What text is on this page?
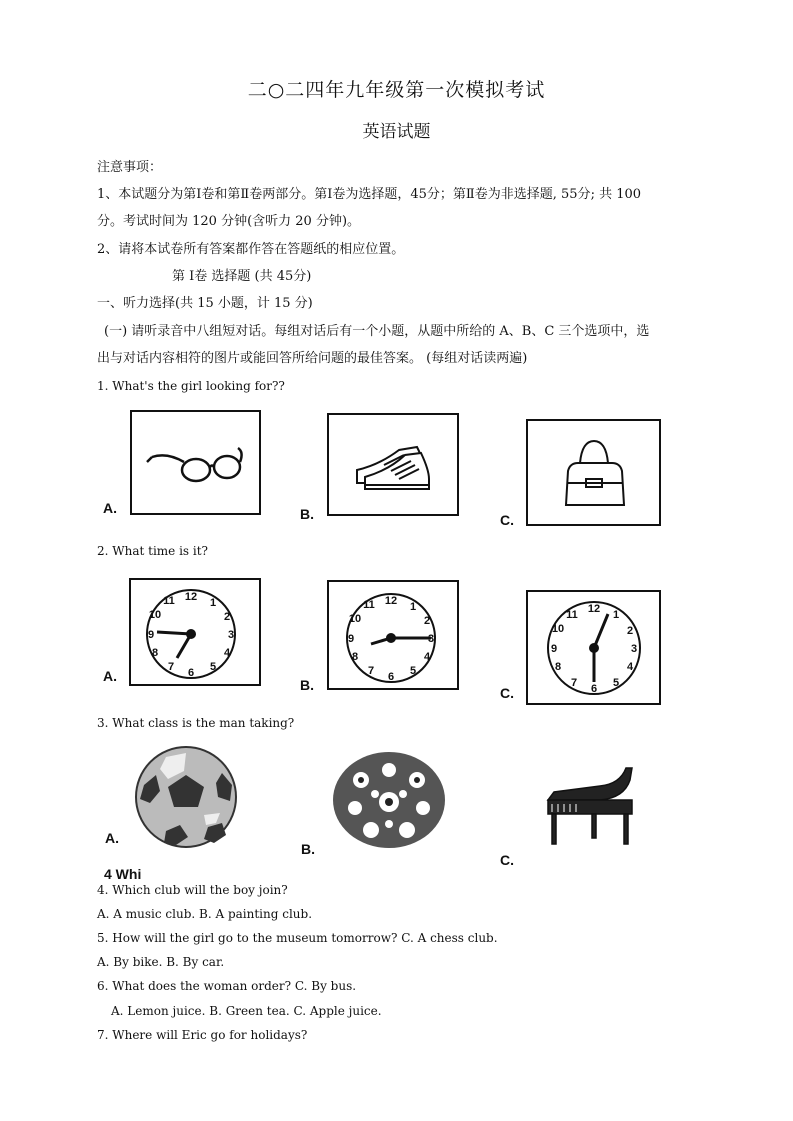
二○二四年九年级第一次模拟考试
英语试题
注意事项：
1、本试题分为第Ⅰ卷和第Ⅱ卷两部分。第Ⅰ卷为选择题，45分；第Ⅱ卷为非选择题, 55分; 共 100
分。考试时间为 120 分钟(含听力 20 分钟)。
2、请将本试卷所有答案都作答在答题纸的相应位置。
第 Ⅰ卷 选择题 (共 45分)
一、听力选择(共 15 小题，计 15 分)
(一) 请听录音中八组短对话。每组对话后有一个小题，从题中所给的 A、B、C 三个选项中，选
出与对话内容相符的图片或能回答所给问题的最佳答案。 (每组对话读两遍)
1. What's the girl looking for??
A.	B.	C.
2. What time is it?
12 1
2
3
4
5
6
7
8
9
10
11
A.
12 1
2
3
4
5
6
7
8
9
10
11
B.
12 1
2
3
4
5
6
7
8
9
10
11
C.
3. What class is the man taking?
A.
B.
C.
4 Whi
4. Which club will the boy join?
A. A music club. B. A painting club.
5. How will the girl go to the museum tomorrow? C. A chess club.
A. By bike. B. By car.
6. What does the woman order? C. By bus.
A. Lemon juice. B. Green tea. C. Apple juice.
7. Where will Eric go for holidays?
